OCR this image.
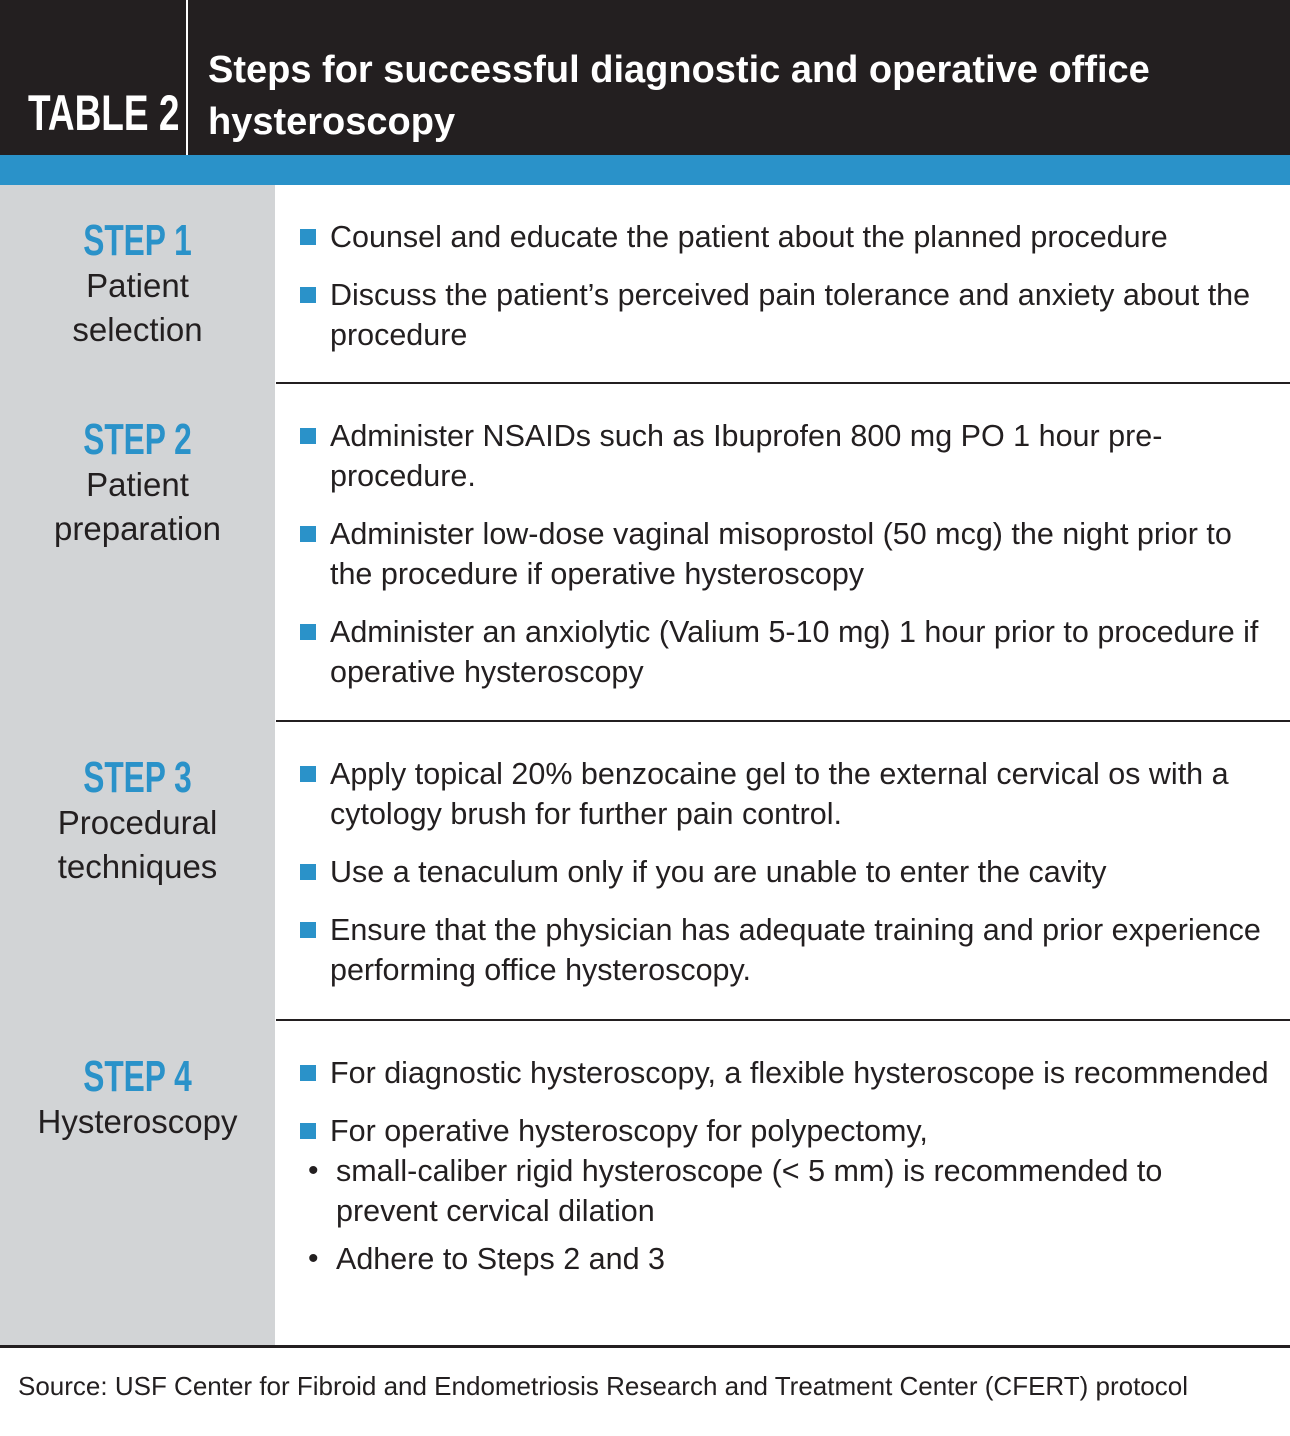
TABLE 2
Steps for successful diagnostic and operative office hysteroscopy
STEP 1
Patient
selection
Counsel and educate the patient about the planned procedure
Discuss the patient’s perceived pain tolerance and anxiety about the procedure
STEP 2
Patient
preparation
Administer NSAIDs such as Ibuprofen 800 mg PO 1 hour pre-procedure.
Administer low-dose vaginal misoprostol (50 mcg) the night prior to the procedure if operative hysteroscopy
Administer an anxiolytic (Valium 5-10 mg) 1 hour prior to procedure if operative hysteroscopy
STEP 3
Procedural
techniques
Apply topical 20% benzocaine gel to the external cervical os with a cytology brush for further pain control.
Use a tenaculum only if you are unable to enter the cavity
Ensure that the physician has adequate training and prior experience performing office hysteroscopy.
STEP 4
Hysteroscopy
For diagnostic hysteroscopy, a flexible hysteroscope is recommended
For operative hysteroscopy for polypectomy,
• small-caliber rigid hysteroscope (< 5 mm) is recommended to prevent cervical dilation
• Adhere to Steps 2 and 3
Source: USF Center for Fibroid and Endometriosis Research and Treatment Center (CFERT) protocol
